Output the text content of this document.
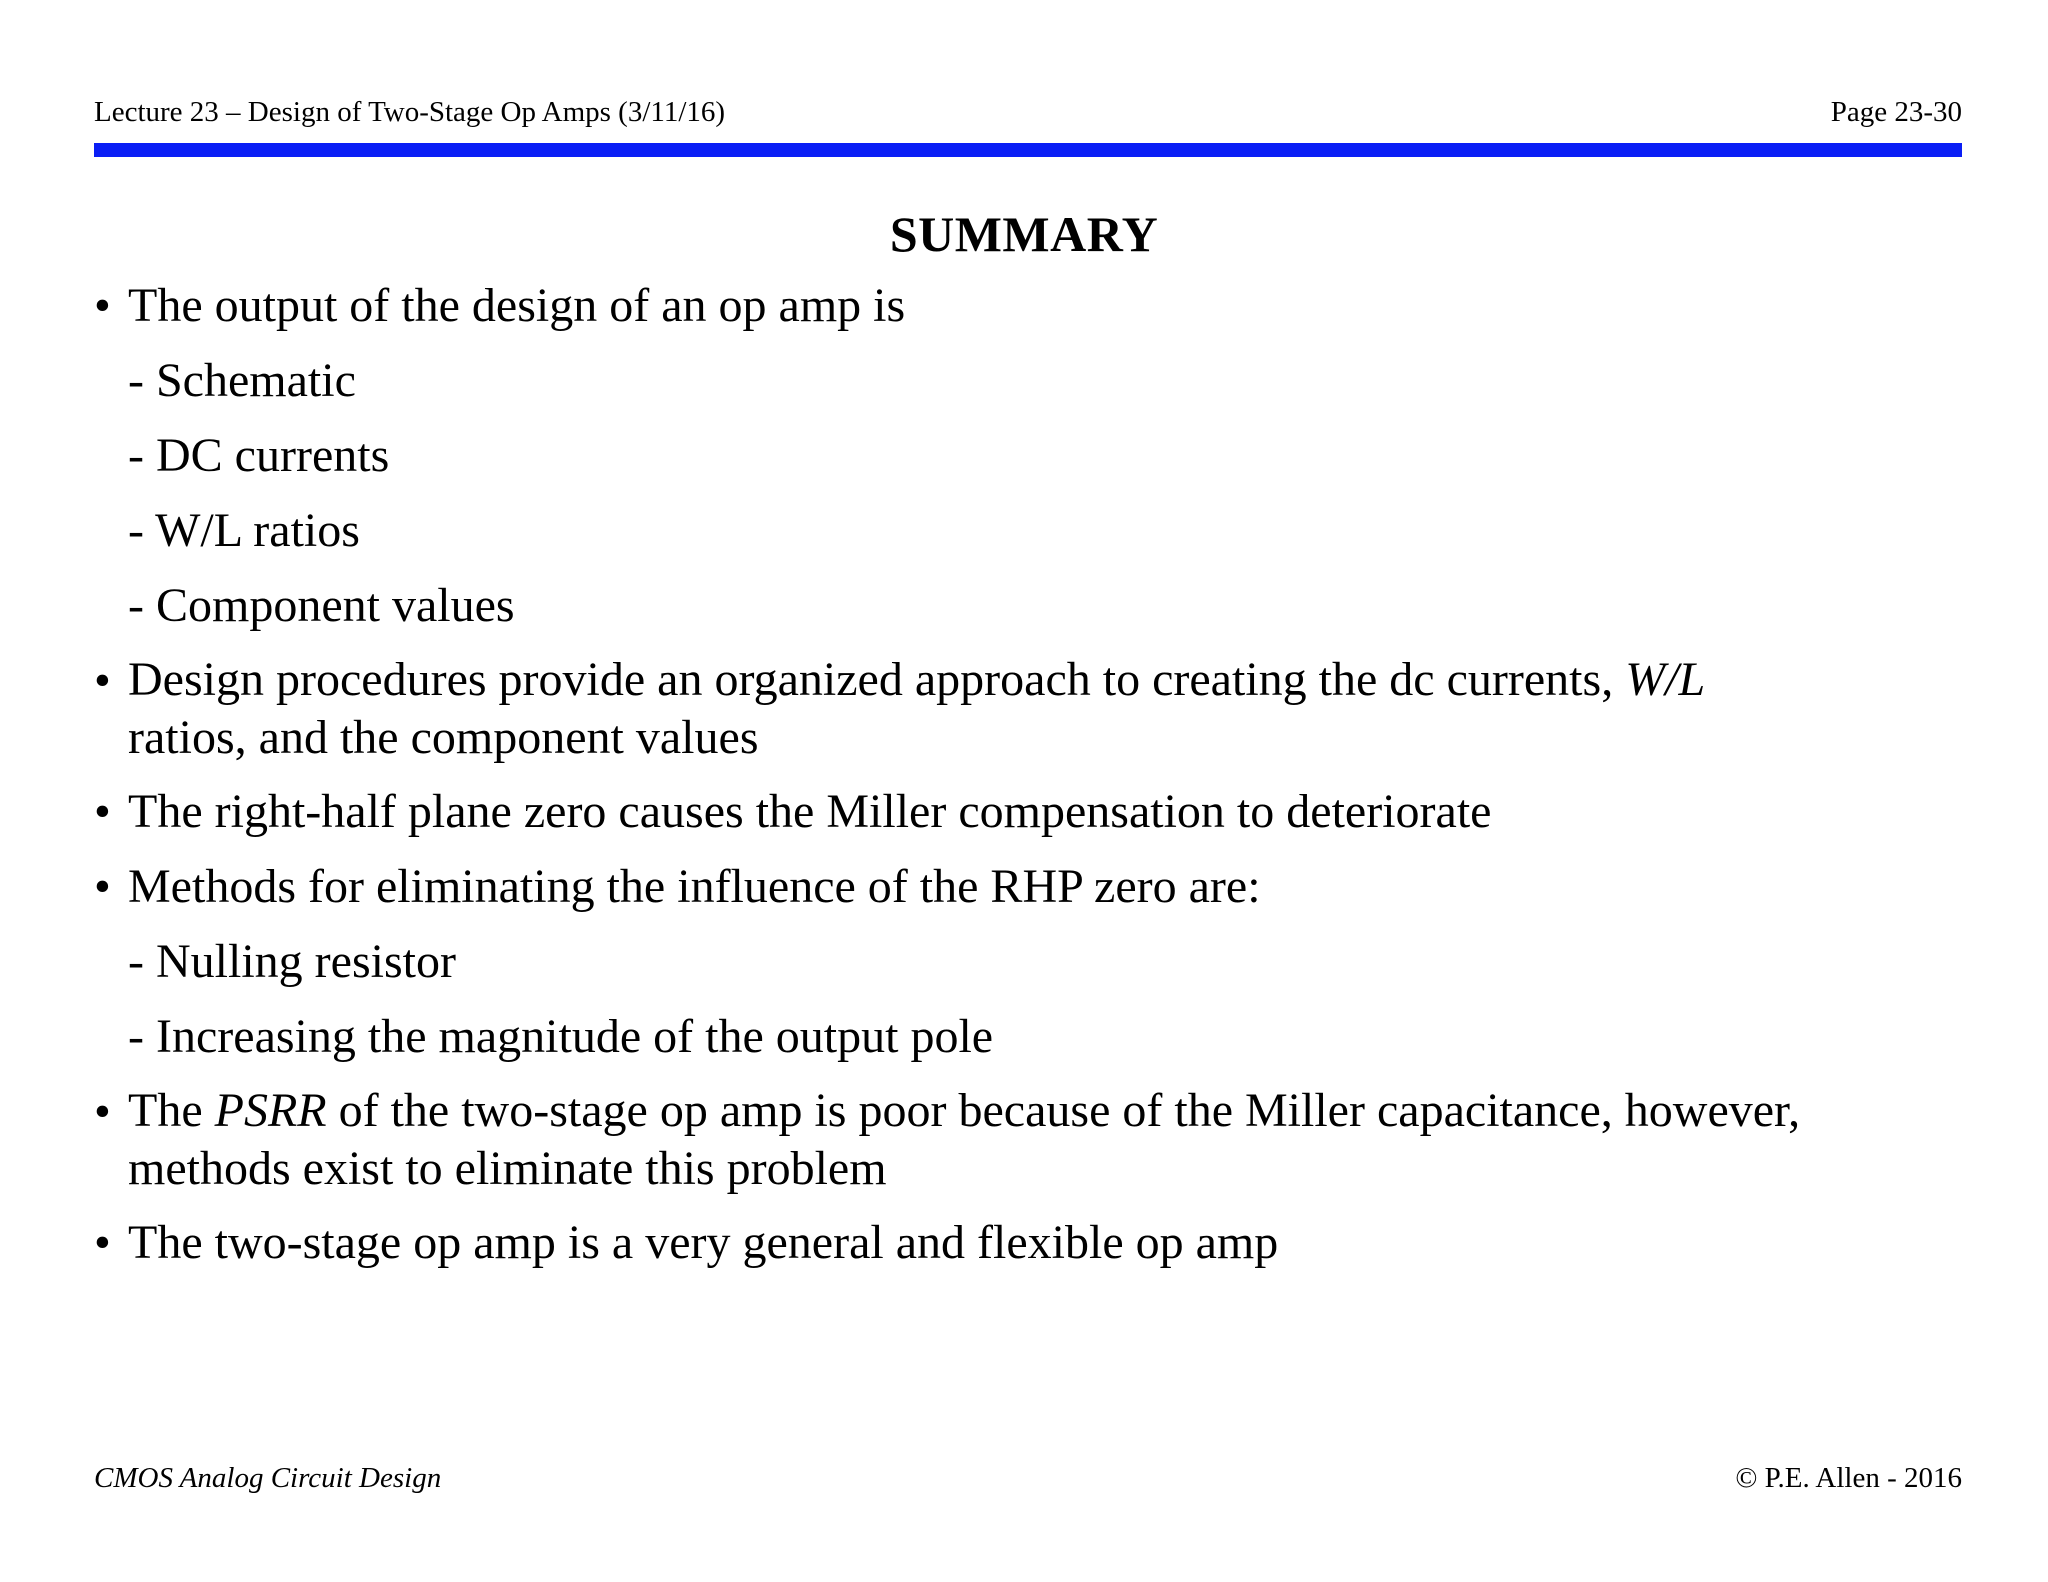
Lecture 23 – Design of Two-Stage Op Amps (3/11/16)	Page 23-30
SUMMARY
• The output of the design of an op amp is
- Schematic
- DC currents
- W/L ratios
- Component values
• Design procedures provide an organized approach to creating the dc currents, W/L
ratios, and the component values
• The right-half plane zero causes the Miller compensation to deteriorate
• Methods for eliminating the influence of the RHP zero are:
- Nulling resistor
- Increasing the magnitude of the output pole
• The PSRR of the two-stage op amp is poor because of the Miller capacitance, however,
methods exist to eliminate this problem
• The two-stage op amp is a very general and flexible op amp
CMOS Analog Circuit Design	© P.E. Allen - 2016
